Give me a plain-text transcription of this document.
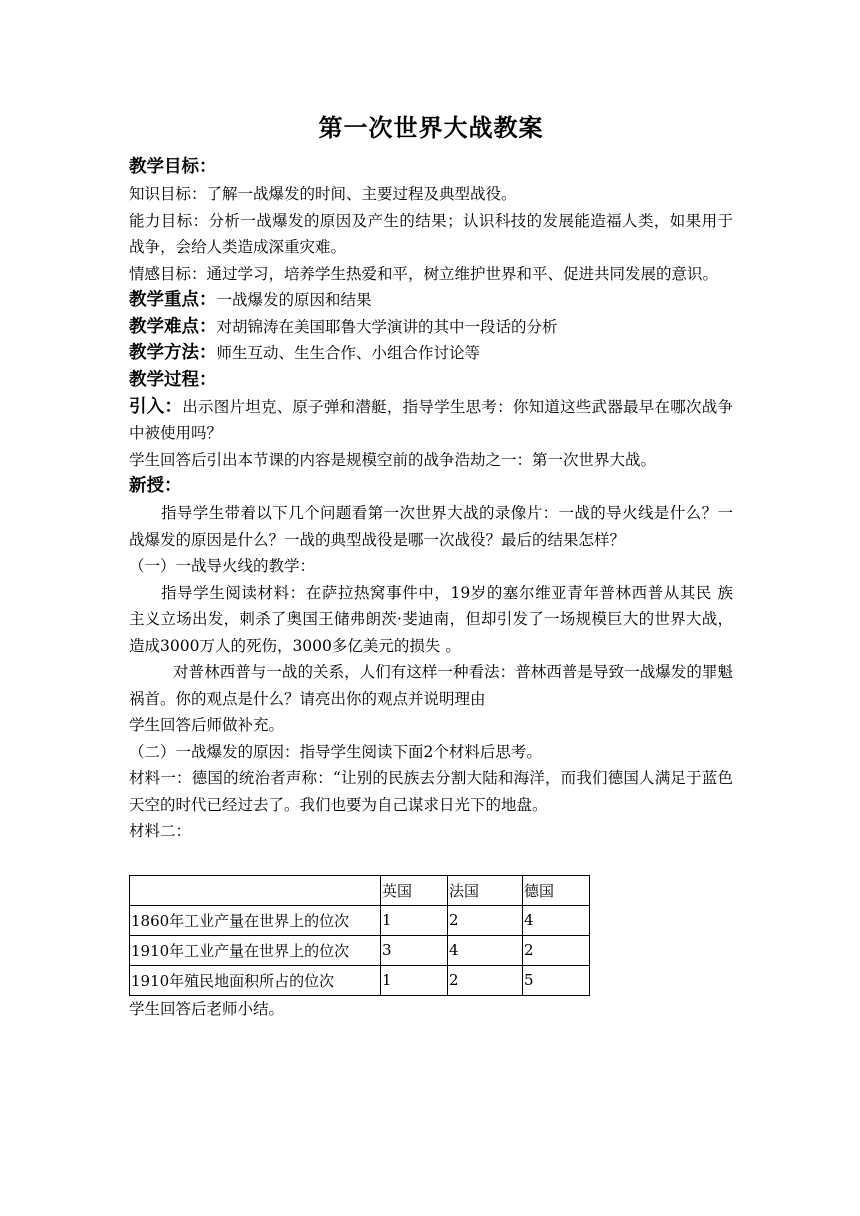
第一次世界大战教案

教学目标：

知识目标：了解一战爆发的时间、主要过程及典型战役。

能力目标：分析一战爆发的原因及产生的结果；认识科技的发展能造福人类，如果用于战争，会给人类造成深重灾难。

情感目标：通过学习，培养学生热爱和平，树立维护世界和平、促进共同发展的意识。

教学重点：一战爆发的原因和结果

教学难点：对胡锦涛在美国耶鲁大学演讲的其中一段话的分析

教学方法：师生互动、生生合作、小组合作讨论等

教学过程：

引入：出示图片坦克、原子弹和潜艇，指导学生思考：你知道这些武器最早在哪次战争中被使用吗？

学生回答后引出本节课的内容是规模空前的战争浩劫之一：第一次世界大战。

新授：

指导学生带着以下几个问题看第一次世界大战的录像片：一战的导火线是什么？一战爆发的原因是什么？一战的典型战役是哪一次战役？最后的结果怎样？

（一）一战导火线的教学：

指导学生阅读材料：在萨拉热窝事件中，19岁的塞尔维亚青年普林西普从其民 族 主义立场出发，刺杀了奥国王储弗朗茨·斐迪南，但却引发了一场规模巨大的世界大战，造成3000万人的死伤，3000多亿美元的损失 。

对普林西普与一战的关系，人们有这样一种看法：普林西普是导致一战爆发的罪魁祸首。你的观点是什么？请亮出你的观点并说明理由

学生回答后师做补充。

（二）一战爆发的原因：指导学生阅读下面2个材料后思考。

材料一：德国的统治者声称：“让别的民族去分割大陆和海洋，而我们德国人满足于蓝色天空的时代已经过去了。我们也要为自己谋求日光下的地盘。

材料二：

	英国	法国	德国
1860年工业产量在世界上的位次	1	2	4
1910年工业产量在世界上的位次	3	4	2
1910年殖民地面积所占的位次	1	2	5

学生回答后老师小结。
